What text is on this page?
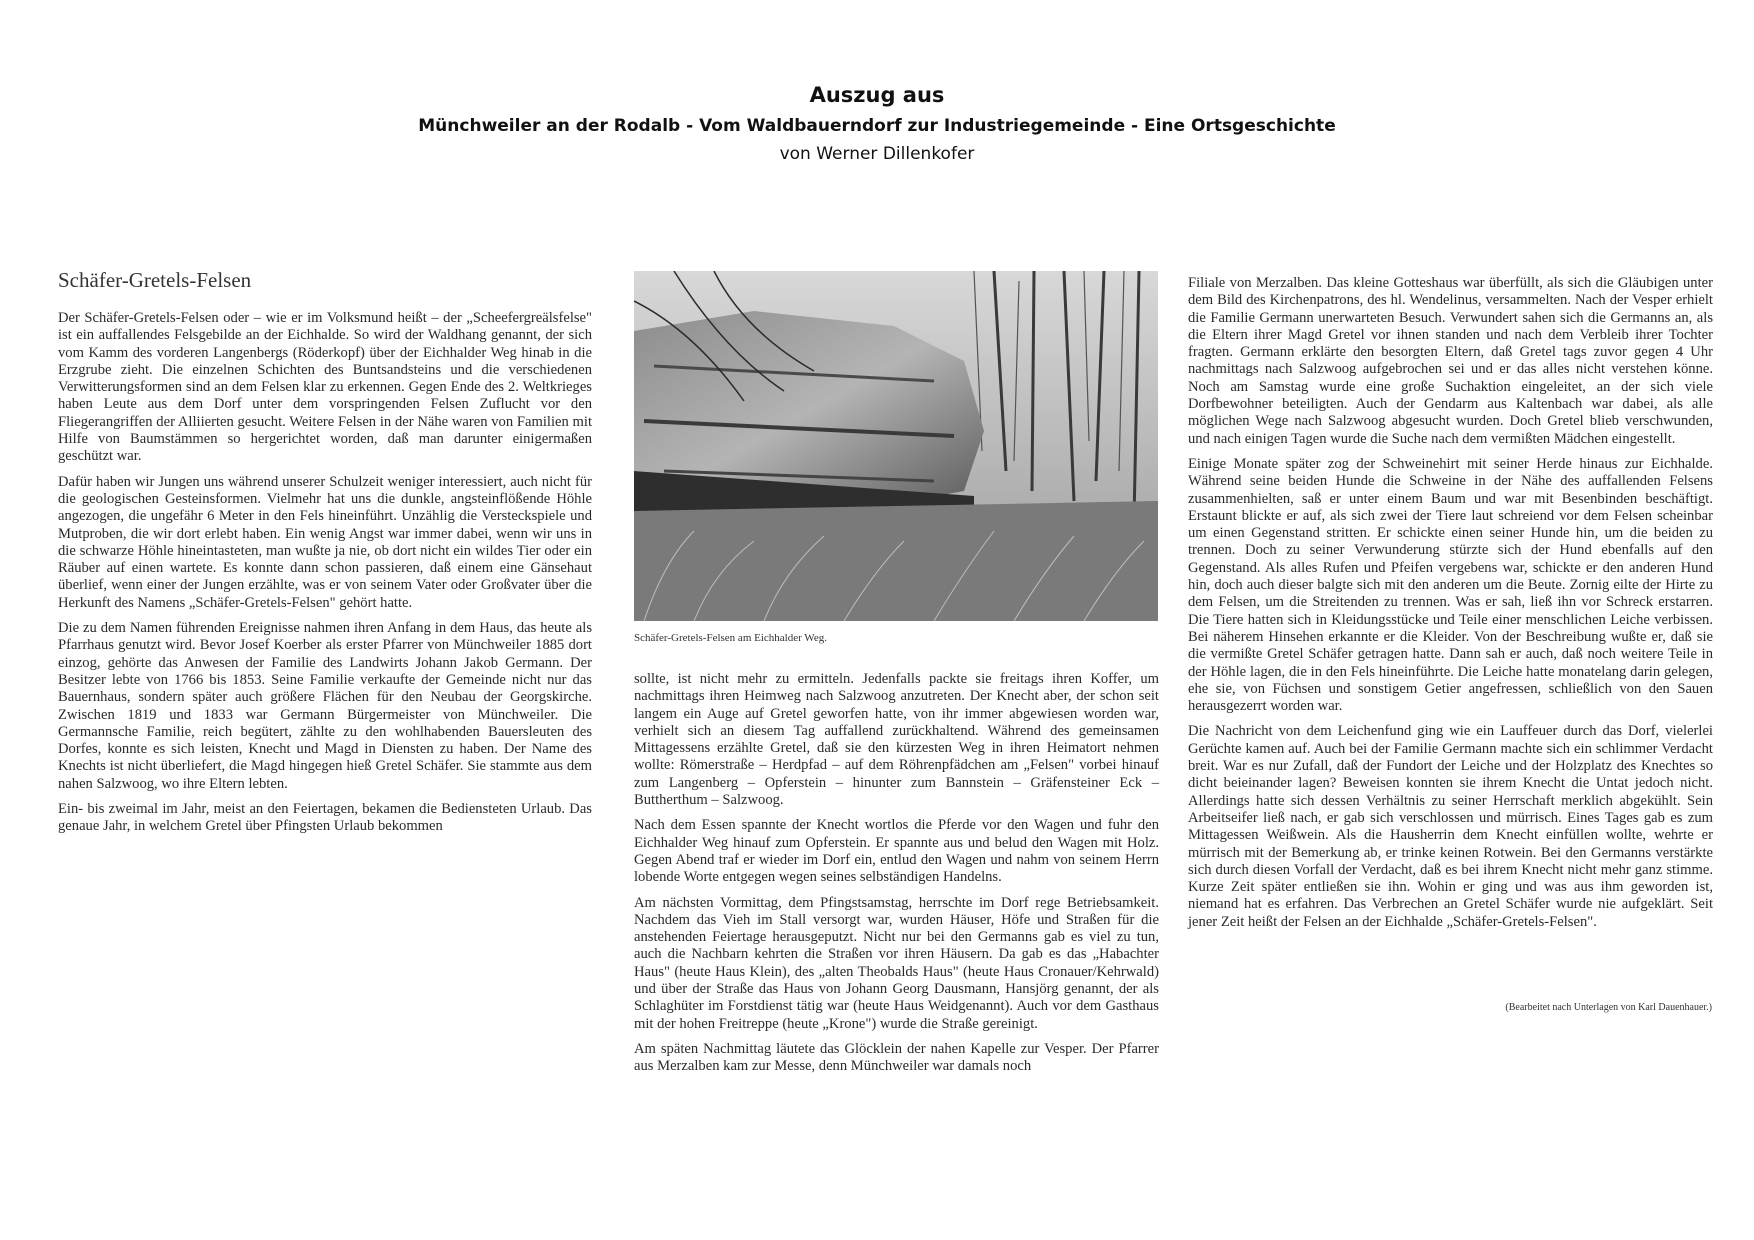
Auszug aus
Münchweiler an der Rodalb - Vom Waldbauerndorf zur Industriegemeinde - Eine Ortsgeschichte
von Werner Dillenkofer
Schäfer-Gretels-Felsen

Der Schäfer-Gretels-Felsen oder – wie er im Volksmund heißt – der „Scheefergreälsfelse" ist ein auffallendes Felsgebilde an der Eichhalde. So wird der Waldhang genannt, der sich vom Kamm des vorderen Langenbergs (Röderkopf) über der Eichhalder Weg hinab in die Erzgrube zieht. Die einzelnen Schichten des Buntsandsteins und die verschiedenen Verwitterungsformen sind an dem Felsen klar zu erkennen. Gegen Ende des 2. Weltkrieges haben Leute aus dem Dorf unter dem vorspringenden Felsen Zuflucht vor den Fliegerangriffen der Alliierten gesucht. Weitere Felsen in der Nähe waren von Familien mit Hilfe von Baumstämmen so hergerichtet worden, daß man darunter einigermaßen geschützt war.

Dafür haben wir Jungen uns während unserer Schulzeit weniger interessiert, auch nicht für die geologischen Gesteinsformen. Vielmehr hat uns die dunkle, angsteinflößende Höhle angezogen, die ungefähr 6 Meter in den Fels hineinführt. Unzählig die Versteckspiele und Mutproben, die wir dort erlebt haben. Ein wenig Angst war immer dabei, wenn wir uns in die schwarze Höhle hineintasteten, man wußte ja nie, ob dort nicht ein wildes Tier oder ein Räuber auf einen wartete. Es konnte dann schon passieren, daß einem eine Gänsehaut überlief, wenn einer der Jungen erzählte, was er von seinem Vater oder Großvater über die Herkunft des Namens „Schäfer-Gretels-Felsen" gehört hatte.

Die zu dem Namen führenden Ereignisse nahmen ihren Anfang in dem Haus, das heute als Pfarrhaus genutzt wird. Bevor Josef Koerber als erster Pfarrer von Münchweiler 1885 dort einzog, gehörte das Anwesen der Familie des Landwirts Johann Jakob Germann. Der Besitzer lebte von 1766 bis 1853. Seine Familie verkaufte der Gemeinde nicht nur das Bauernhaus, sondern später auch größere Flächen für den Neubau der Georgskirche. Zwischen 1819 und 1833 war Germann Bürgermeister von Münchweiler. Die Germannsche Familie, reich begütert, zählte zu den wohlhabenden Bauersleuten des Dorfes, konnte es sich leisten, Knecht und Magd in Diensten zu haben. Der Name des Knechts ist nicht überliefert, die Magd hingegen hieß Gretel Schäfer. Sie stammte aus dem nahen Salzwoog, wo ihre Eltern lebten.

Ein- bis zweimal im Jahr, meist an den Feiertagen, bekamen die Bediensteten Urlaub. Das genaue Jahr, in welchem Gretel über Pfingsten Urlaub bekommen

Schäfer-Gretels-Felsen am Eichhalder Weg.

sollte, ist nicht mehr zu ermitteln. Jedenfalls packte sie freitags ihren Koffer, um nachmittags ihren Heimweg nach Salzwoog anzutreten. Der Knecht aber, der schon seit langem ein Auge auf Gretel geworfen hatte, von ihr immer abgewiesen worden war, verhielt sich an diesem Tag auffallend zurückhaltend. Während des gemeinsamen Mittagessens erzählte Gretel, daß sie den kürzesten Weg in ihren Heimatort nehmen wollte: Römerstraße – Herdpfad – auf dem Röhrenpfädchen am „Felsen" vorbei hinauf zum Langenberg – Opferstein – hinunter zum Bannstein – Gräfensteiner Eck – Buttherthum – Salzwoog.

Nach dem Essen spannte der Knecht wortlos die Pferde vor den Wagen und fuhr den Eichhalder Weg hinauf zum Opferstein. Er spannte aus und belud den Wagen mit Holz. Gegen Abend traf er wieder im Dorf ein, entlud den Wagen und nahm von seinem Herrn lobende Worte entgegen wegen seines selbständigen Handelns.

Am nächsten Vormittag, dem Pfingstsamstag, herrschte im Dorf rege Betriebsamkeit. Nachdem das Vieh im Stall versorgt war, wurden Häuser, Höfe und Straßen für die anstehenden Feiertage herausgeputzt. Nicht nur bei den Germanns gab es viel zu tun, auch die Nachbarn kehrten die Straßen vor ihren Häusern. Da gab es das „Habachter Haus" (heute Haus Klein), des „alten Theobalds Haus" (heute Haus Cronauer/Kehrwald) und über der Straße das Haus von Johann Georg Dausmann, Hansjörg genannt, der als Schlaghüter im Forstdienst tätig war (heute Haus Weidgenannt). Auch vor dem Gasthaus mit der hohen Freitreppe (heute „Krone") wurde die Straße gereinigt.

Am späten Nachmittag läutete das Glöcklein der nahen Kapelle zur Vesper. Der Pfarrer aus Merzalben kam zur Messe, denn Münchweiler war damals noch

Filiale von Merzalben. Das kleine Gotteshaus war überfüllt, als sich die Gläubigen unter dem Bild des Kirchenpatrons, des hl. Wendelinus, versammelten. Nach der Vesper erhielt die Familie Germann unerwarteten Besuch. Verwundert sahen sich die Germanns an, als die Eltern ihrer Magd Gretel vor ihnen standen und nach dem Verbleib ihrer Tochter fragten. Germann erklärte den besorgten Eltern, daß Gretel tags zuvor gegen 4 Uhr nachmittags nach Salzwoog aufgebrochen sei und er das alles nicht verstehen könne. Noch am Samstag wurde eine große Suchaktion eingeleitet, an der sich viele Dorfbewohner beteiligten. Auch der Gendarm aus Kaltenbach war dabei, als alle möglichen Wege nach Salzwoog abgesucht wurden. Doch Gretel blieb verschwunden, und nach einigen Tagen wurde die Suche nach dem vermißten Mädchen eingestellt.

Einige Monate später zog der Schweinehirt mit seiner Herde hinaus zur Eichhalde. Während seine beiden Hunde die Schweine in der Nähe des auffallenden Felsens zusammenhielten, saß er unter einem Baum und war mit Besenbinden beschäftigt. Erstaunt blickte er auf, als sich zwei der Tiere laut schreiend vor dem Felsen scheinbar um einen Gegenstand stritten. Er schickte einen seiner Hunde hin, um die beiden zu trennen. Doch zu seiner Verwunderung stürzte sich der Hund ebenfalls auf den Gegenstand. Als alles Rufen und Pfeifen vergebens war, schickte er den anderen Hund hin, doch auch dieser balgte sich mit den anderen um die Beute. Zornig eilte der Hirte zu dem Felsen, um die Streitenden zu trennen. Was er sah, ließ ihn vor Schreck erstarren. Die Tiere hatten sich in Kleidungsstücke und Teile einer menschlichen Leiche verbissen. Bei näherem Hinsehen erkannte er die Kleider. Von der Beschreibung wußte er, daß sie die vermißte Gretel Schäfer getragen hatte. Dann sah er auch, daß noch weitere Teile in der Höhle lagen, die in den Fels hineinführte. Die Leiche hatte monatelang darin gelegen, ehe sie, von Füchsen und sonstigem Getier angefressen, schließlich von den Sauen herausgezerrt worden war.

Die Nachricht von dem Leichenfund ging wie ein Lauffeuer durch das Dorf, vielerlei Gerüchte kamen auf. Auch bei der Familie Germann machte sich ein schlimmer Verdacht breit. War es nur Zufall, daß der Fundort der Leiche und der Holzplatz des Knechtes so dicht beieinander lagen? Beweisen konnten sie ihrem Knecht die Untat jedoch nicht. Allerdings hatte sich dessen Verhältnis zu seiner Herrschaft merklich abgekühlt. Sein Arbeitseifer ließ nach, er gab sich verschlossen und mürrisch. Eines Tages gab es zum Mittagessen Weißwein. Als die Hausherrin dem Knecht einfüllen wollte, wehrte er mürrisch mit der Bemerkung ab, er trinke keinen Rotwein. Bei den Germanns verstärkte sich durch diesen Vorfall der Verdacht, daß es bei ihrem Knecht nicht mehr ganz stimme. Kurze Zeit später entließen sie ihn. Wohin er ging und was aus ihm geworden ist, niemand hat es erfahren. Das Verbrechen an Gretel Schäfer wurde nie aufgeklärt. Seit jener Zeit heißt der Felsen an der Eichhalde „Schäfer-Gretels-Felsen".

(Bearbeitet nach Unterlagen von Karl Dauenhauer.)
